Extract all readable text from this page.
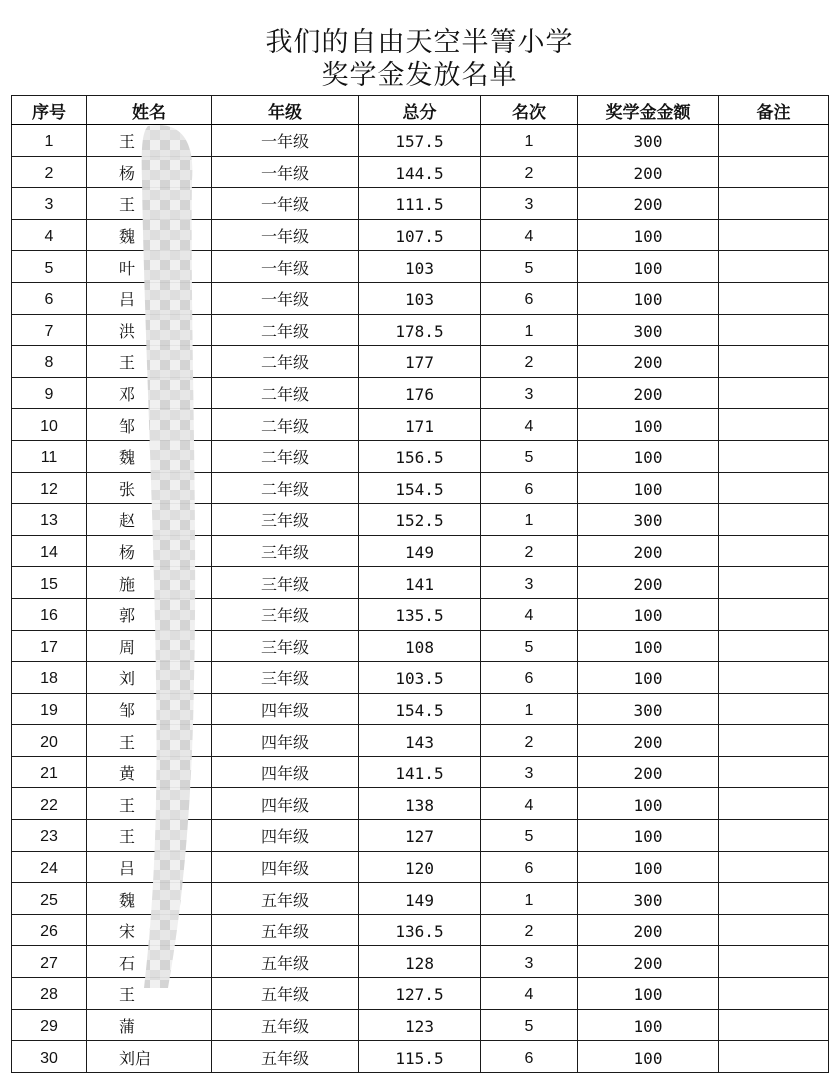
我们的自由天空半箐小学
奖学金发放名单
序号	姓名	年级	总分	名次	奖学金金额	备注
1	王	一年级	157.5	1	300	
2	杨	一年级	144.5	2	200	
3	王	一年级	111.5	3	200	
4	魏	一年级	107.5	4	100	
5	叶	一年级	103	5	100	
6	吕	一年级	103	6	100	
7	洪	二年级	178.5	1	300	
8	王	二年级	177	2	200	
9	邓	二年级	176	3	200	
10	邹	二年级	171	4	100	
11	魏	二年级	156.5	5	100	
12	张	二年级	154.5	6	100	
13	赵	三年级	152.5	1	300	
14	杨	三年级	149	2	200	
15	施	三年级	141	3	200	
16	郭	三年级	135.5	4	100	
17	周	三年级	108	5	100	
18	刘	三年级	103.5	6	100	
19	邹	四年级	154.5	1	300	
20	王	四年级	143	2	200	
21	黄	四年级	141.5	3	200	
22	王	四年级	138	4	100	
23	王	四年级	127	5	100	
24	吕	四年级	120	6	100	
25	魏	五年级	149	1	300	
26	宋	五年级	136.5	2	200	
27	石	五年级	128	3	200	
28	王	五年级	127.5	4	100	
29	蒲	五年级	123	5	100	
30	刘启	五年级	115.5	6	100	
